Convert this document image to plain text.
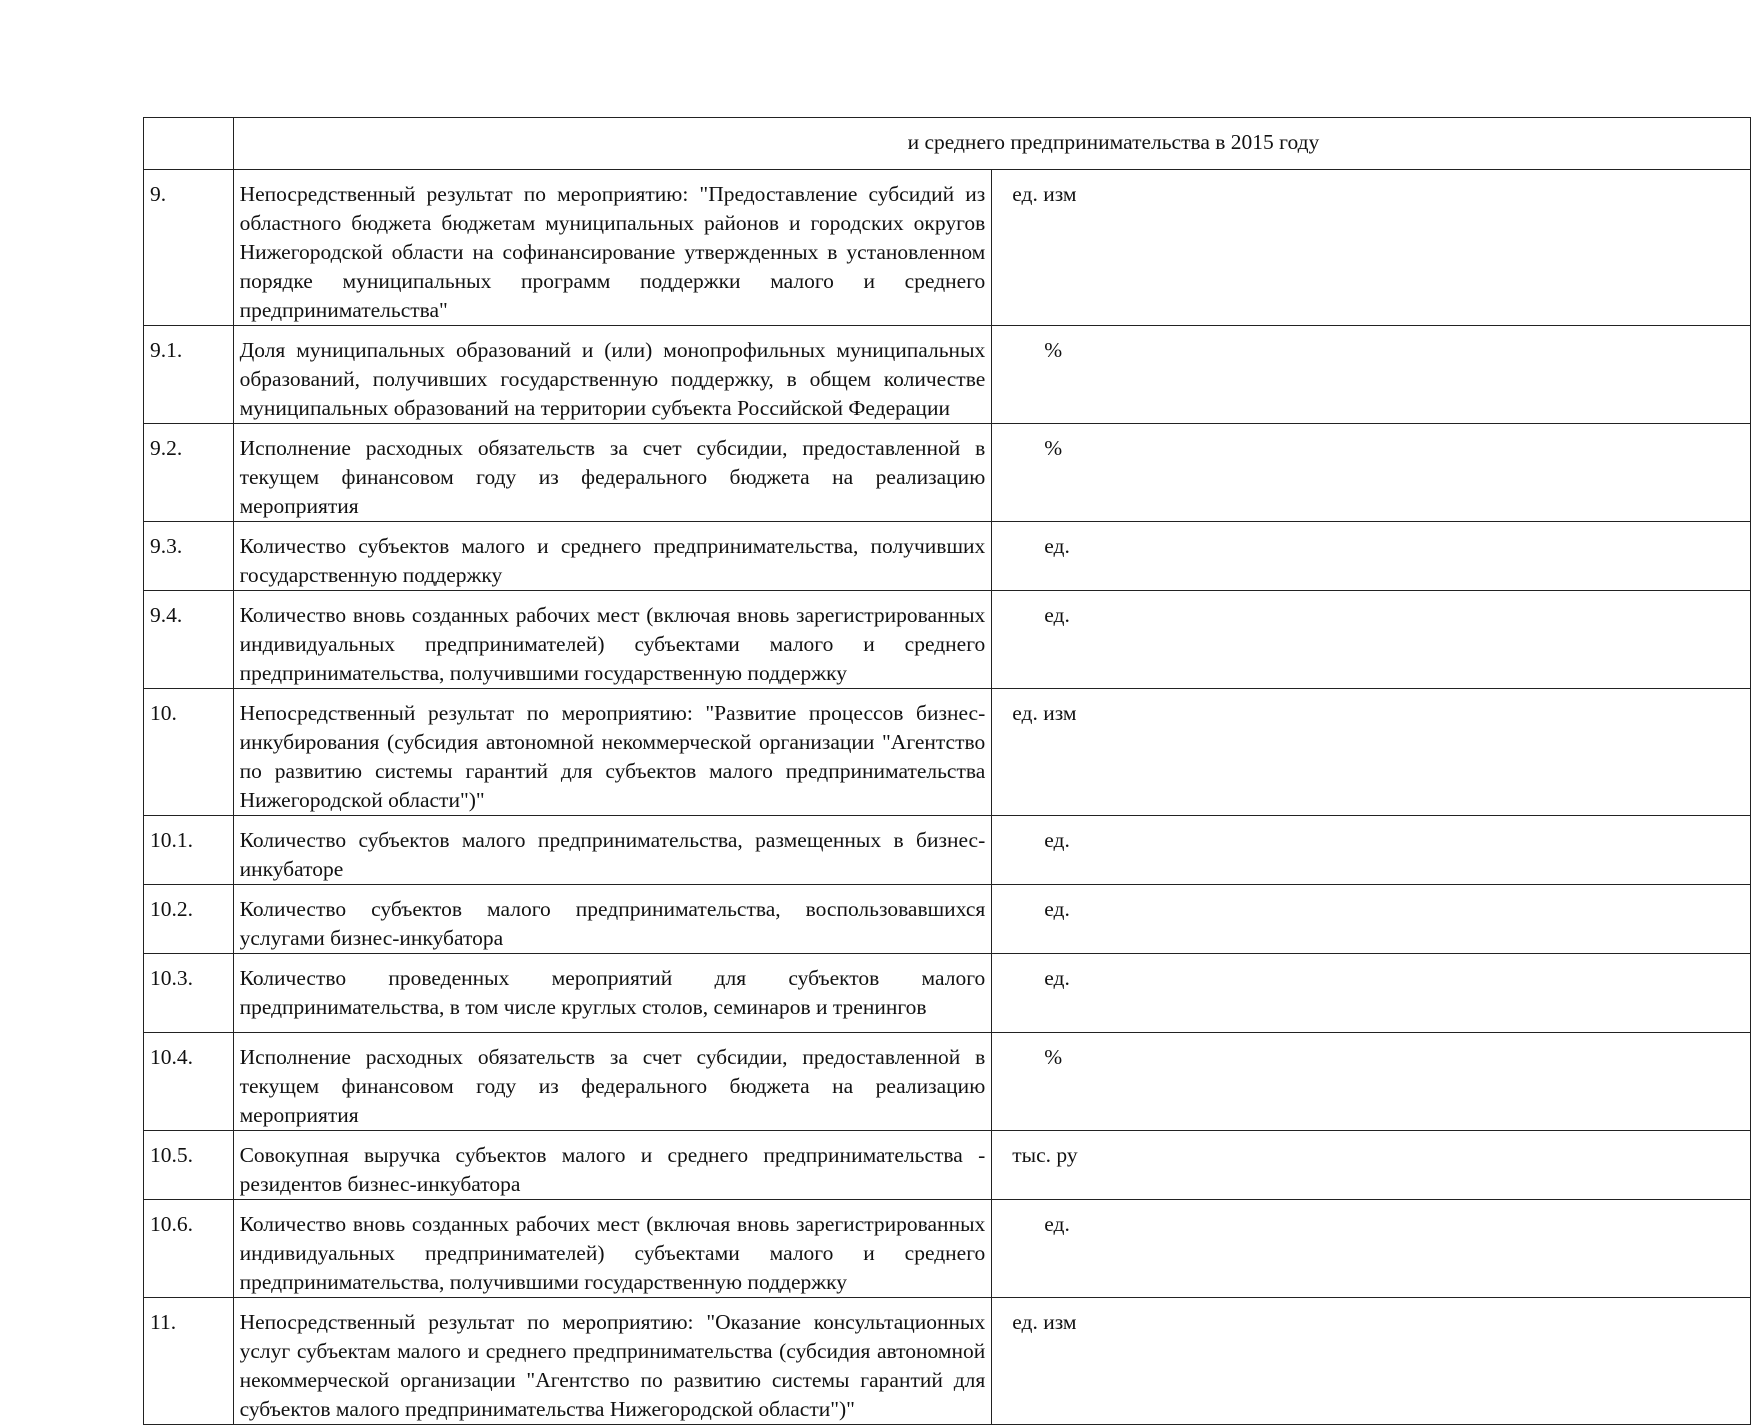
	и среднего предпринимательства в 2015 году	
9.	Непосредственный результат по мероприятию: "Предоставление субсидий из областного бюджета бюджетам муниципальных районов и городских округов Нижегородской области на софинансирование утвержденных в установленном порядке муниципальных программ поддержки малого и среднего предпринимательства"	ед. изм
9.1.	Доля муниципальных образований и (или) монопрофильных муниципальных образований, получивших государственную поддержку, в общем количестве муниципальных образований на территории субъекта Российской Федерации	%
9.2.	Исполнение расходных обязательств за счет субсидии, предоставленной в текущем финансовом году из федерального бюджета на реализацию мероприятия	%
9.3.	Количество субъектов малого и среднего предпринимательства, получивших государственную поддержку	ед.
9.4.	Количество вновь созданных рабочих мест (включая вновь зарегистрированных индивидуальных предпринимателей) субъектами малого и среднего предпринимательства, получившими государственную поддержку	ед.
10.	Непосредственный результат по мероприятию: "Развитие процессов бизнес-инкубирования (субсидия автономной некоммерческой организации "Агентство по развитию системы гарантий для субъектов малого предпринимательства Нижегородской области")"	ед. изм
10.1.	Количество субъектов малого предпринимательства, размещенных в бизнес-инкубаторе	ед.
10.2.	Количество субъектов малого предпринимательства, воспользовавшихся услугами бизнес-инкубатора	ед.
10.3.	Количество проведенных мероприятий для субъектов малого предпринимательства, в том числе круглых столов, семинаров и тренингов	ед.
10.4.	Исполнение расходных обязательств за счет субсидии, предоставленной в текущем финансовом году из федерального бюджета на реализацию мероприятия	%
10.5.	Совокупная выручка субъектов малого и среднего предпринимательства - резидентов бизнес-инкубатора	тыс. ру
10.6.	Количество вновь созданных рабочих мест (включая вновь зарегистрированных индивидуальных предпринимателей) субъектами малого и среднего предпринимательства, получившими государственную поддержку	ед.
11.	Непосредственный результат по мероприятию: "Оказание консультационных услуг субъектам малого и среднего предпринимательства (субсидия автономной некоммерческой организации "Агентство по развитию системы гарантий для субъектов малого предпринимательства Нижегородской области")"	ед. изм
